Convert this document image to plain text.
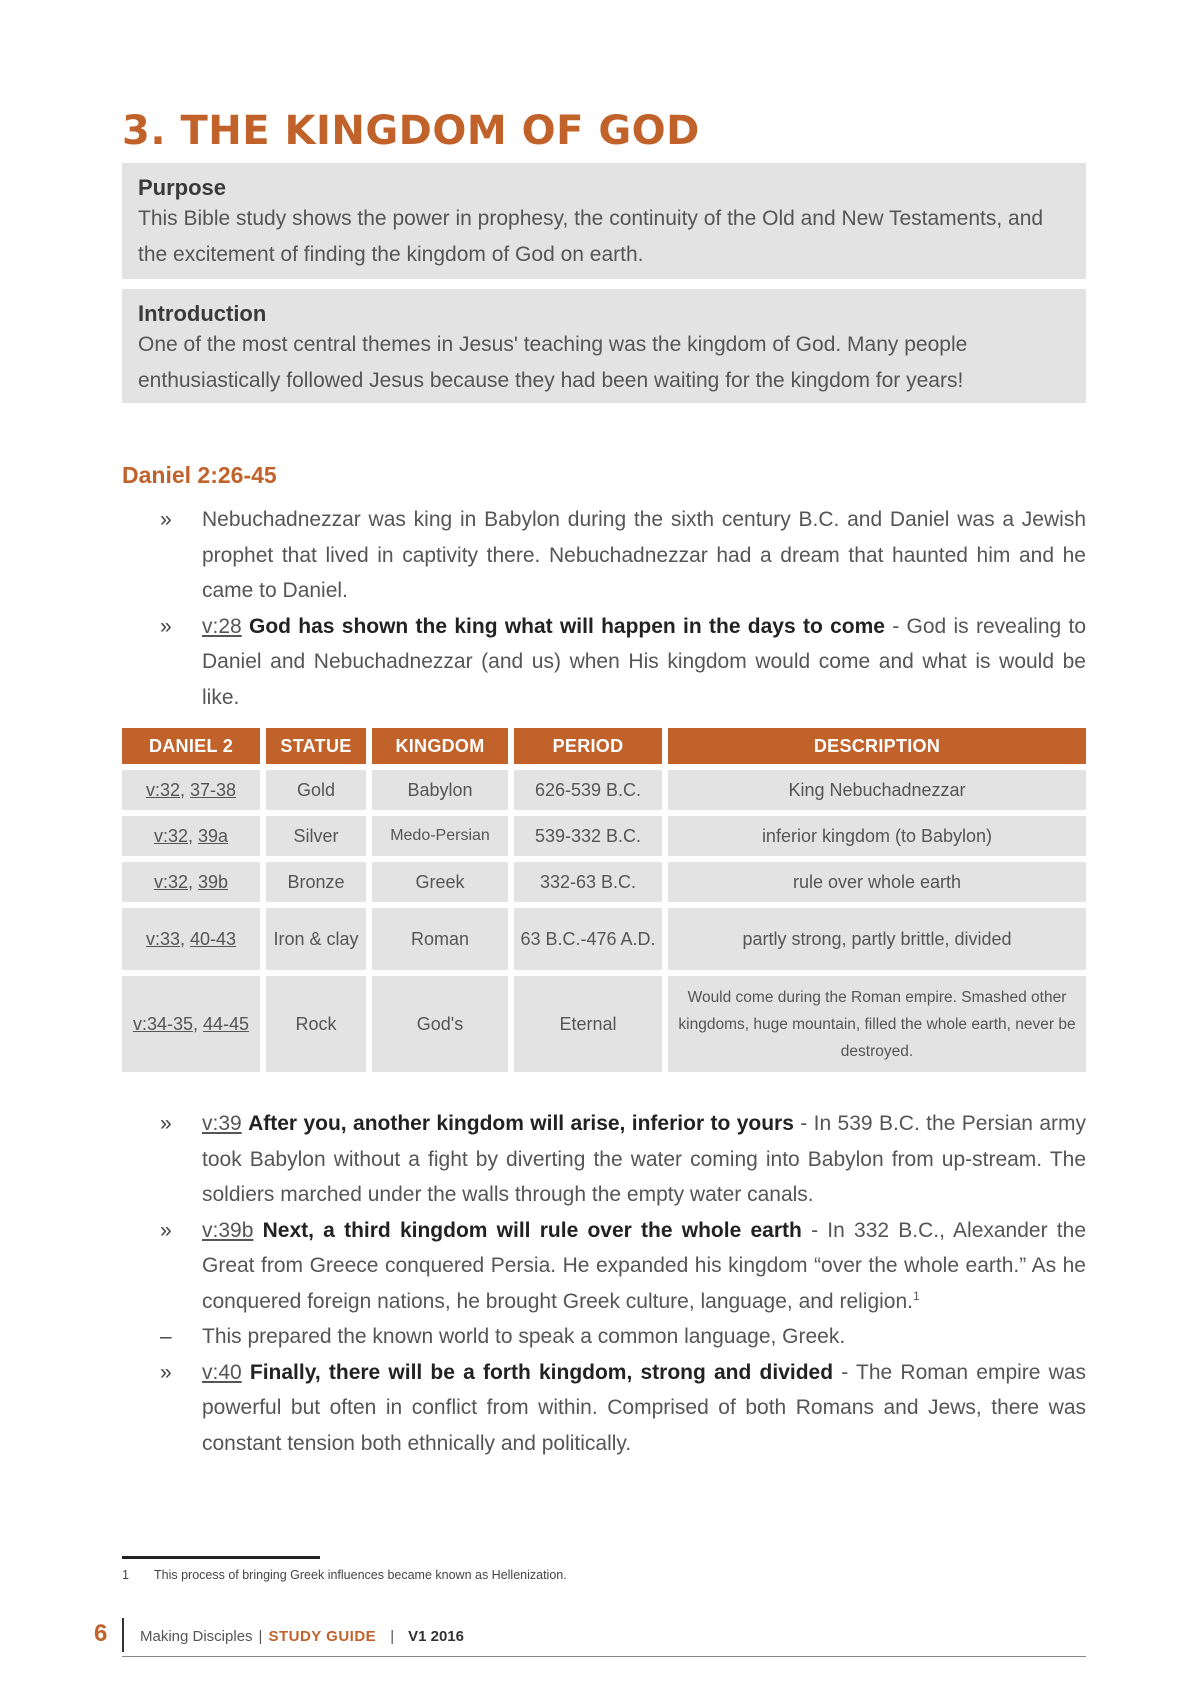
3. THE KINGDOM OF GOD
Purpose
This Bible study shows the power in prophesy, the continuity of the Old and New Testaments, and the excitement of finding the kingdom of God on earth.
Introduction
One of the most central themes in Jesus' teaching was the kingdom of God. Many people enthusiastically followed Jesus because they had been waiting for the kingdom for years!
Daniel 2:26-45
»	Nebuchadnezzar was king in Babylon during the sixth century B.C. and Daniel was a Jewish prophet that lived in captivity there. Nebuchadnezzar had a dream that haunted him and he came to Daniel.
»	v:28 God has shown the king what will happen in the days to come - God is revealing to Daniel and Nebuchadnezzar (and us) when His kingdom would come and what is would be like.
DANIEL 2	STATUE	KINGDOM	PERIOD	DESCRIPTION
v:32, 37-38	Gold	Babylon	626-539 B.C.	King Nebuchadnezzar
v:32, 39a	Silver	Medo-Persian	539-332 B.C.	inferior kingdom (to Babylon)
v:32, 39b	Bronze	Greek	332-63 B.C.	rule over whole earth
v:33, 40-43	Iron & clay	Roman	63 B.C.-476 A.D.	partly strong, partly brittle, divided
v:34-35, 44-45	Rock	God's	Eternal	Would come during the Roman empire. Smashed other kingdoms, huge mountain, filled the whole earth, never be destroyed.
»	v:39 After you, another kingdom will arise, inferior to yours - In 539 B.C. the Persian army took Babylon without a fight by diverting the water coming into Babylon from up-stream. The soldiers marched under the walls through the empty water canals.
»	v:39b Next, a third kingdom will rule over the whole earth - In 332 B.C., Alexander the Great from Greece conquered Persia. He expanded his kingdom “over the whole earth.” As he conquered foreign nations, he brought Greek culture, language, and religion.$^1$
–	This prepared the known world to speak a common language, Greek.
»	v:40 Finally, there will be a forth kingdom, strong and divided - The Roman empire was powerful but often in conflict from within. Comprised of both Romans and Jews, there was constant tension both ethnically and politically.
1 This process of bringing Greek influences became known as Hellenization.
6 Making Disciples | STUDY GUIDE | V1 2016
